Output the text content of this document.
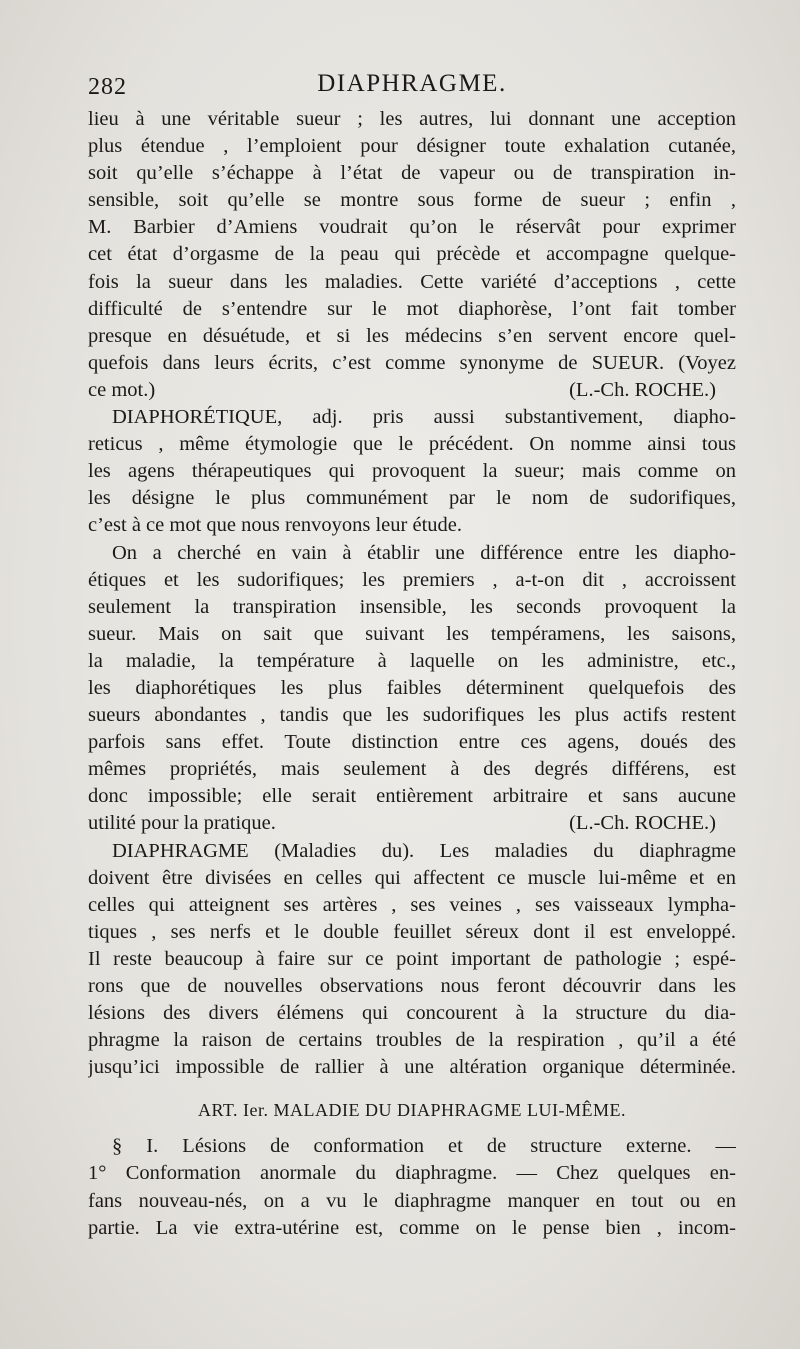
282	DIAPHRAGME.
lieu à une véritable sueur ; les autres, lui donnant une acception
plus étendue , l’emploient pour désigner toute exhalation cutanée,
soit qu’elle s’échappe à l’état de vapeur ou de transpiration in-
sensible, soit qu’elle se montre sous forme de sueur ; enfin ,
M. Barbier d’Amiens voudrait qu’on le réservât pour exprimer
cet état d’orgasme de la peau qui précède et accompagne quelque-
fois la sueur dans les maladies. Cette variété d’acceptions , cette
difficulté de s’entendre sur le mot diaphorèse, l’ont fait tomber
presque en désuétude, et si les médecins s’en servent encore quel-
quefois dans leurs écrits, c’est comme synonyme de SUEUR. (Voyez
ce mot.)	(L.-Ch. ROCHE.)
DIAPHORÉTIQUE, adj. pris aussi substantivement, diapho-
reticus , même étymologie que le précédent. On nomme ainsi tous
les agens thérapeutiques qui provoquent la sueur; mais comme on
les désigne le plus communément par le nom de sudorifiques,
c’est à ce mot que nous renvoyons leur étude.
On a cherché en vain à établir une différence entre les diapho-
étiques et les sudorifiques; les premiers , a-t-on dit , accroissent
seulement la transpiration insensible, les seconds provoquent la
sueur. Mais on sait que suivant les tempéramens, les saisons,
la maladie, la température à laquelle on les administre, etc.,
les diaphorétiques les plus faibles déterminent quelquefois des
sueurs abondantes , tandis que les sudorifiques les plus actifs restent
parfois sans effet. Toute distinction entre ces agens, doués des
mêmes propriétés, mais seulement à des degrés différens, est
donc impossible; elle serait entièrement arbitraire et sans aucune
utilité pour la pratique.	(L.-Ch. ROCHE.)
DIAPHRAGME (Maladies du). Les maladies du diaphragme
doivent être divisées en celles qui affectent ce muscle lui-même et en
celles qui atteignent ses artères , ses veines , ses vaisseaux lympha-
tiques , ses nerfs et le double feuillet séreux dont il est enveloppé.
Il reste beaucoup à faire sur ce point important de pathologie ; espé-
rons que de nouvelles observations nous feront découvrir dans les
lésions des divers élémens qui concourent à la structure du dia-
phragme la raison de certains troubles de la respiration , qu’il a été
jusqu’ici impossible de rallier à une altération organique déterminée.
ART. Ier. MALADIE DU DIAPHRAGME LUI-MÊME.
§ I. Lésions de conformation et de structure externe. —
1° Conformation anormale du diaphragme. — Chez quelques en-
fans nouveau-nés, on a vu le diaphragme manquer en tout ou en
partie. La vie extra-utérine est, comme on le pense bien , incom-
